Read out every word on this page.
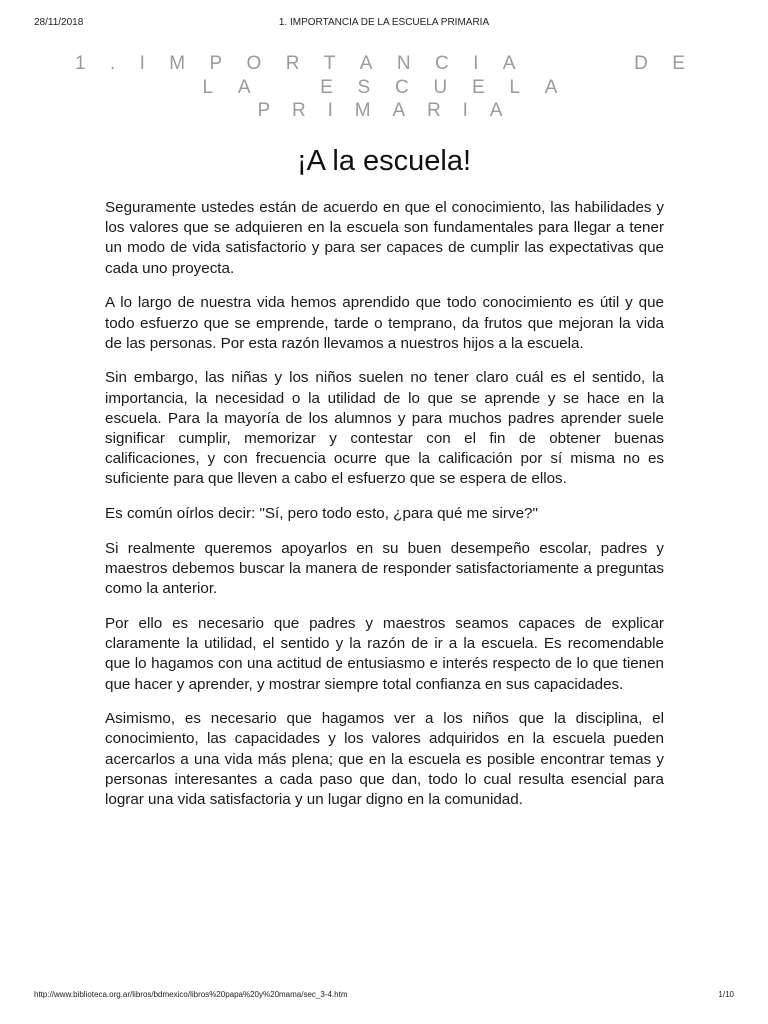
28/11/2018	1. IMPORTANCIA DE LA ESCUELA PRIMARIA
1 . I M P O R T A N C I A	D E
L A	E S C U E L A
P R I M A R I A
¡A la escuela!

Seguramente ustedes están de acuerdo en que el conocimiento, las habilidades y los valores que se adquieren en la escuela son fundamentales para llegar a tener un modo de vida satisfactorio y para ser capaces de cumplir las expectativas que cada uno proyecta.

A lo largo de nuestra vida hemos aprendido que todo conocimiento es útil y que todo esfuerzo que se emprende, tarde o temprano, da frutos que mejoran la vida de las personas. Por esta razón llevamos a nuestros hijos a la escuela.

Sin embargo, las niñas y los niños suelen no tener claro cuál es el sentido, la importancia, la necesidad o la utilidad de lo que se aprende y se hace en la escuela. Para la mayoría de los alumnos y para muchos padres aprender suele significar cumplir, memorizar y contestar con el fin de obtener buenas calificaciones, y con frecuencia ocurre que la calificación por sí misma no es suficiente para que lleven a cabo el esfuerzo que se espera de ellos.

Es común oírlos decir: "Sí, pero todo esto, ¿para qué me sirve?"

Si realmente queremos apoyarlos en su buen desempeño escolar, padres y maestros debemos buscar la manera de responder satisfactoriamente a preguntas como la anterior.

Por ello es necesario que padres y maestros seamos capaces de explicar claramente la utilidad, el sentido y la razón de ir a la escuela. Es recomendable que lo hagamos con una actitud de entusiasmo e interés respecto de lo que tienen que hacer y aprender, y mostrar siempre total confianza en sus capacidades.

Asimismo, es necesario que hagamos ver a los niños que la disciplina, el conocimiento, las capacidades y los valores adquiridos en la escuela pueden acercarlos a una vida más plena; que en la escuela es posible encontrar temas y personas interesantes a cada paso que dan, todo lo cual resulta esencial para lograr una vida satisfactoria y un lugar digno en la comunidad.

http://www.biblioteca.org.ar/libros/bdmexico/libros%20papa%20y%20mama/sec_3-4.htm	1/10
